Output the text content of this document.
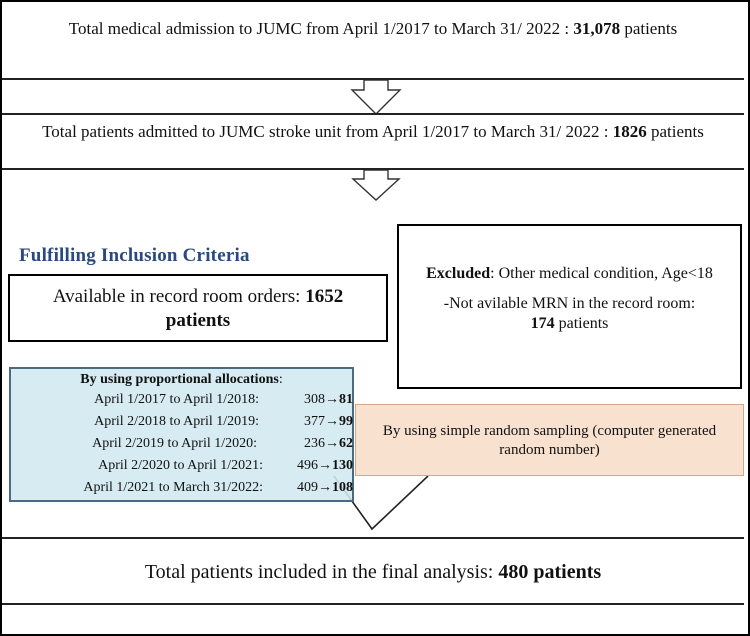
Total medical admission to JUMC from April 1/2017 to March 31/ 2022 : 31,078 patients
Total patients admitted to JUMC stroke unit from April 1/2017 to March 31/ 2022 : 1826 patients
Fulfilling Inclusion Criteria
Available in record room orders: 1652
patients

Excluded: Other medical condition, Age<18

-Not avilable MRN in the record room:
174 patients

By using proportional allocations:
April 1/2017 to April 1/2018:	308→81
April 2/2018 to April 1/2019:	377→99
April 2/2019 to April 1/2020:	236→62
April 2/2020 to April 1/2021:	496→130
April 1/2021 to March 31/2022:	409→108
By using simple random sampling (computer generated random number)
Total patients included in the final analysis: 480 patients
